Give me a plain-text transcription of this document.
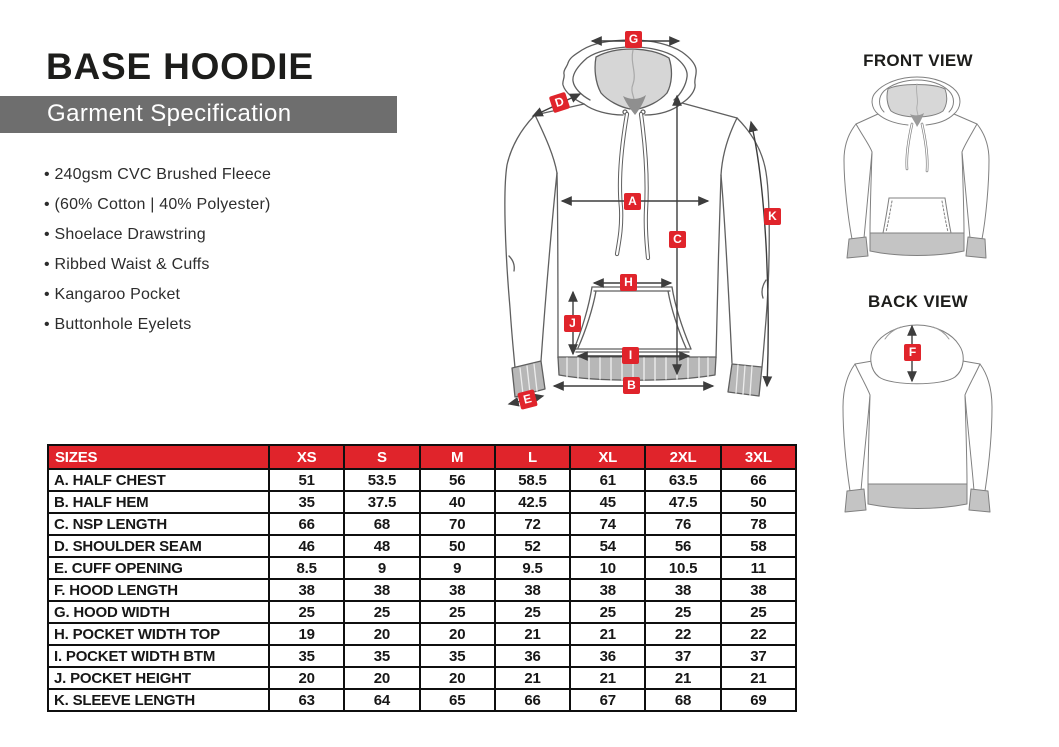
BASE HOODIE
Garment Specification
• 240gsm CVC Brushed Fleece
• (60% Cotton | 40% Polyester)
• Shoelace Drawstring
• Ribbed Waist & Cuffs
• Kangaroo Pocket
• Buttonhole Eyelets
G
D
A
C
K
H
J
I
B
E
FRONT VIEW
BACK VIEW
F
SIZES	XS	S	M	L	XL	2XL	3XL
A. HALF CHEST	51	53.5	56	58.5	61	63.5	66
B. HALF HEM	35	37.5	40	42.5	45	47.5	50
C. NSP LENGTH	66	68	70	72	74	76	78
D. SHOULDER SEAM	46	48	50	52	54	56	58
E. CUFF OPENING	8.5	9	9	9.5	10	10.5	11
F. HOOD LENGTH	38	38	38	38	38	38	38
G. HOOD WIDTH	25	25	25	25	25	25	25
H. POCKET WIDTH TOP	19	20	20	21	21	22	22
I. POCKET WIDTH BTM	35	35	35	36	36	37	37
J. POCKET HEIGHT	20	20	20	21	21	21	21
K. SLEEVE LENGTH	63	64	65	66	67	68	69
